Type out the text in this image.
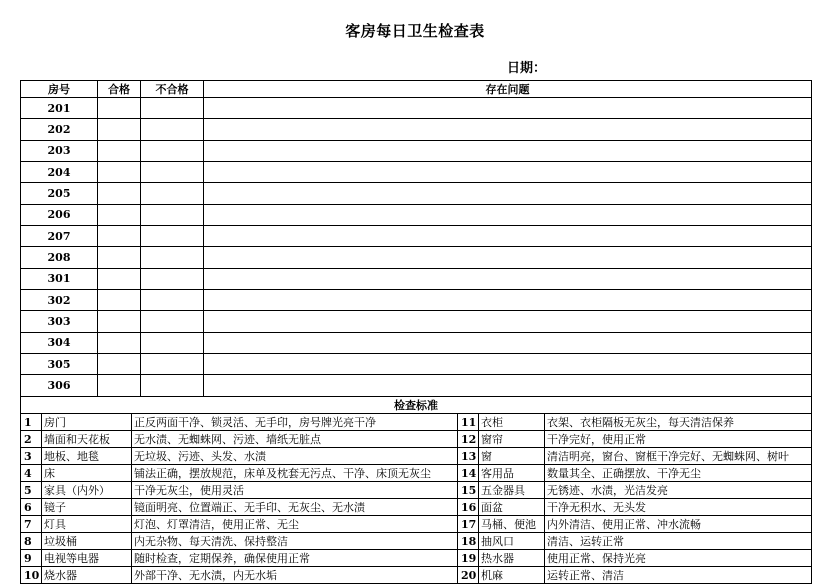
客房每日卫生检查表
日期：
房号	合格	不合格	存在问题
201			
202			
203			
204			
205			
206			
207			
208			
301			
302			
303			
304			
305			
306			
检查标准					
1	房门	正反两面干净、锁灵活、无手印，房号牌光亮干净	11	衣柜	衣架、衣柜隔板无灰尘，每天清洁保养
2	墙面和天花板	无水渍、无蜘蛛网、污迹、墙纸无脏点	12	窗帘	干净完好，使用正常
3	地板、地毯	无垃圾、污迹、头发、水渍	13	窗	清洁明亮，窗台、窗框干净完好、无蜘蛛网、树叶
4	床	铺法正确，摆放规范，床单及枕套无污点、干净、床顶无灰尘	14	客用品	数量其全、正确摆放、干净无尘
5	家具（内外）	干净无灰尘，使用灵活	15	五金器具	无锈迹、水渍，光洁发亮
6	镜子	镜面明亮、位置端正、无手印、无灰尘、无水渍	16	面盆	干净无积水、无头发
7	灯具	灯泡、灯罩清洁，使用正常、无尘	17	马桶、便池	内外清洁、使用正常、冲水流畅
8	垃圾桶	内无杂物、每天清洗、保持整洁	18	抽风口	清洁、运转正常
9	电视等电器	随时检查，定期保养，确保使用正常	19	热水器	使用正常、保持光亮
10	烧水器	外部干净、无水渍，内无水垢	20	机麻	运转正常、清洁
